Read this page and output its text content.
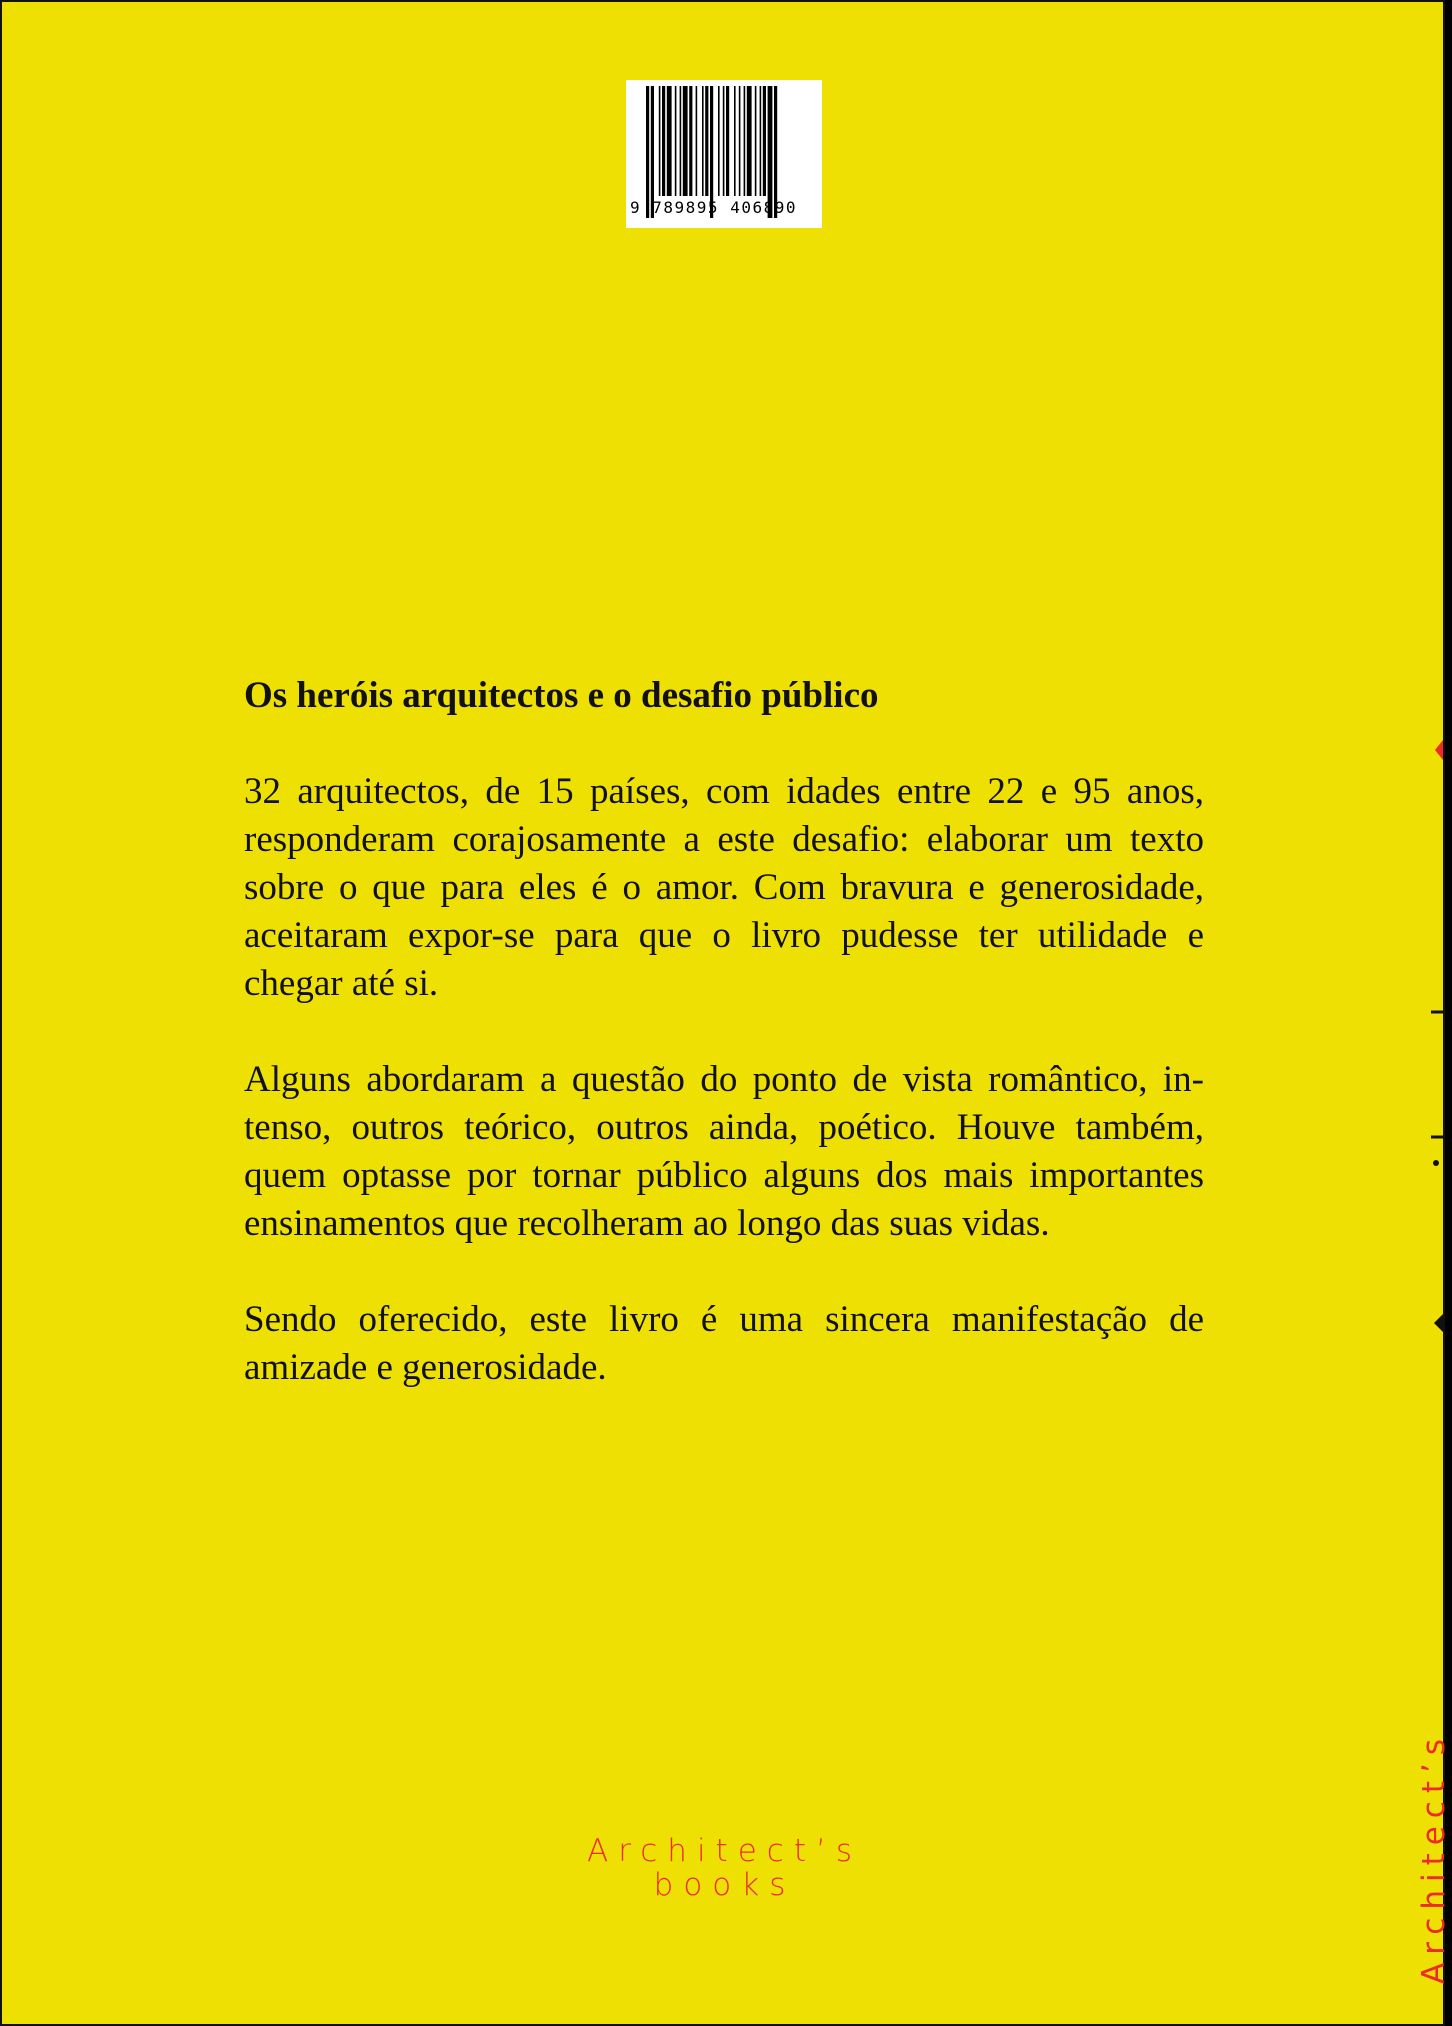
9 789895 406890
Os heróis arquitectos e o desafio público

32 arquitectos, de 15 países, com idades entre 22 e 95 anos, responderam corajosamente a este desafio: elaborar um texto sobre o que para eles é o amor. Com bravura e generosidade, aceitaram expor-se para que o livro pudesse ter utilidade e chegar até si.

Alguns abordaram a questão do ponto de vista romântico, intenso, outros teórico, outros ainda, poético. Houve também, quem optasse por tornar público alguns dos mais importantes ensinamentos que recolheram ao longo das suas vidas.

Sendo oferecido, este livro é uma sincera manifestação de amizade e generosidade.

Architect’s
books	Architect’s
